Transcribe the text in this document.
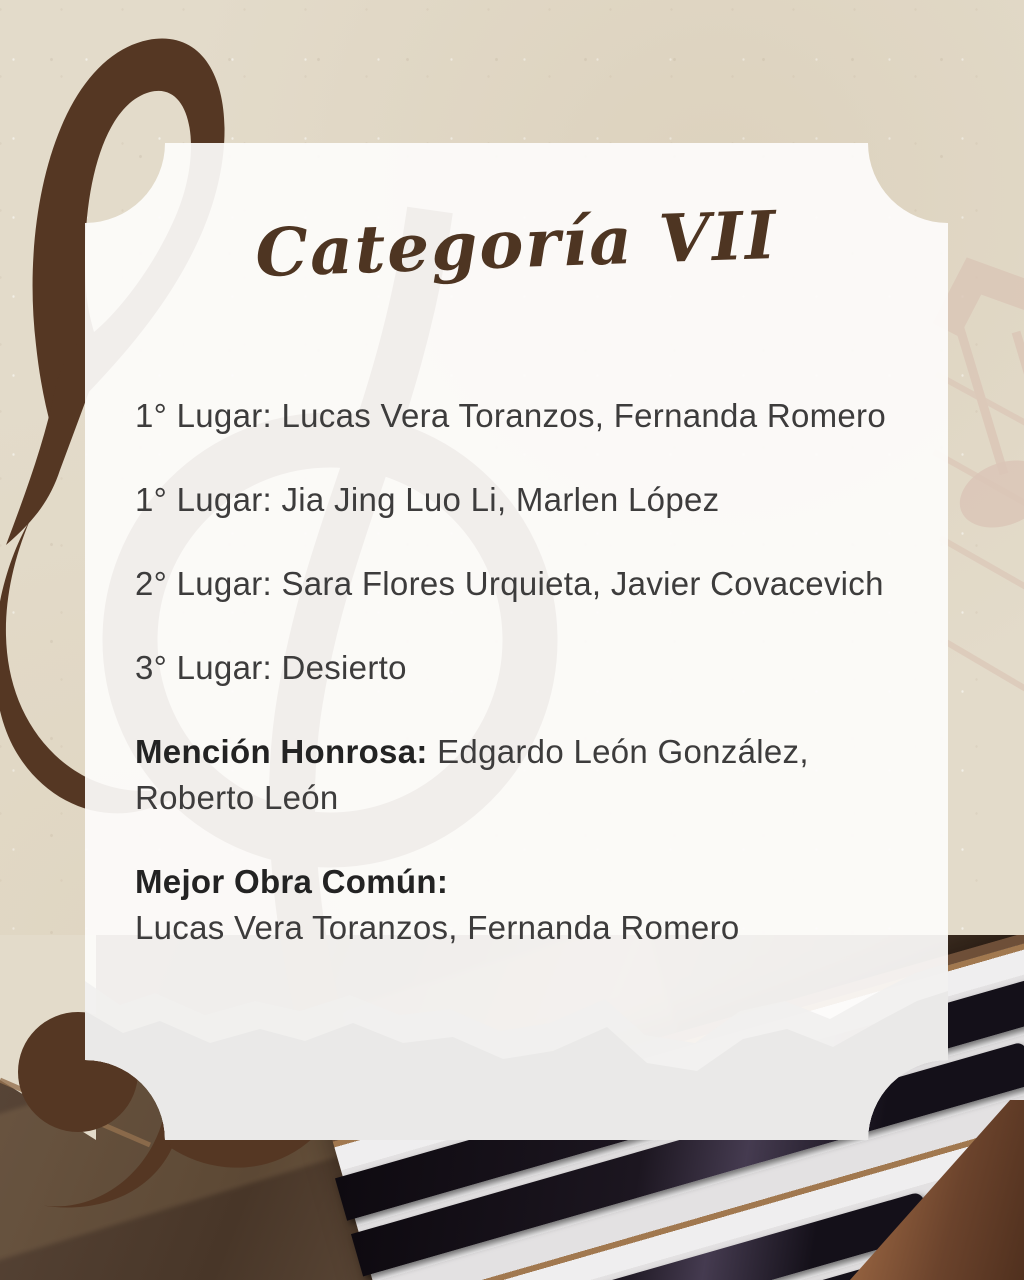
Categoría VII
1° Lugar: Lucas Vera Toranzos, Fernanda Romero
1° Lugar: Jia Jing Luo Li, Marlen López
2° Lugar: Sara Flores Urquieta, Javier Covacevich
3° Lugar: Desierto
Mención Honrosa: Edgardo León González, Roberto León
Mejor Obra Común:
Lucas Vera Toranzos, Fernanda Romero
